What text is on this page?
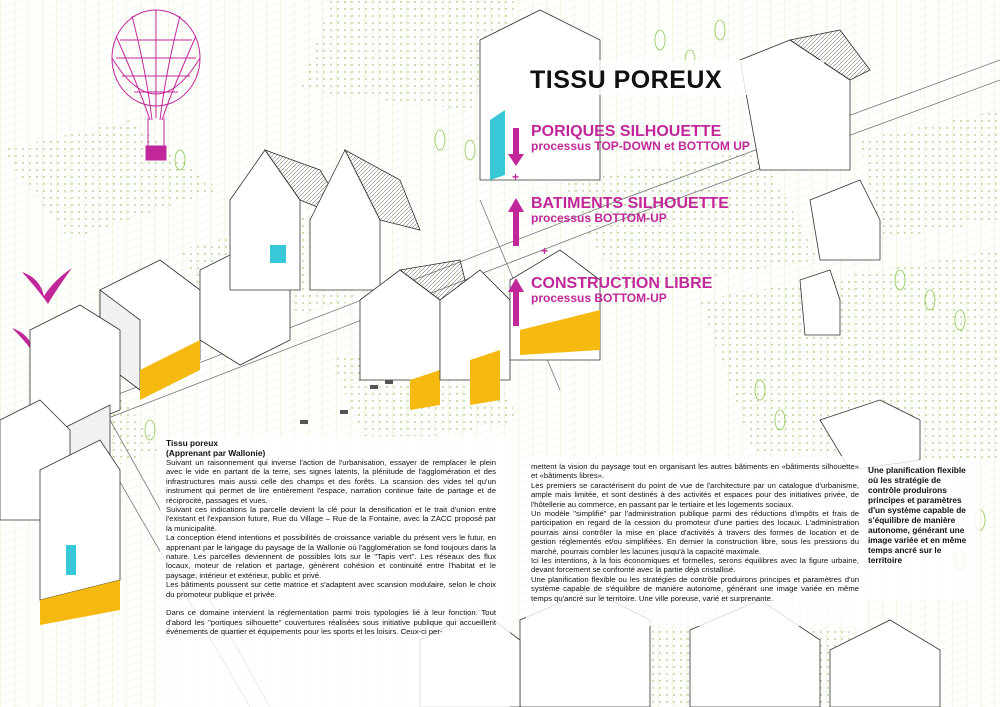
TISSU POREUX
PORIQUES SILHOUETTE
processus TOP-DOWN et BOTTOM UP
+
BATIMENTS SILHOUETTE
processus BOTTOM-UP
+
CONSTRUCTION LIBRE
processus BOTTOM-UP
Tissu poreux
(Apprenant par Wallonie)

Suivant un raisonnement qui inverse l'action de l'urbanisation, essayer de remplacer le plein avec le vide en partant de la terre, ses signes latents, la plénitude de l'agglomération et des infrastructures mais aussi celle des champs et des forêts. La scansion des vides tel qu'un instrument qui permet de lire entièrement l'espace, narration continue faite de partage et de réciprocité, passages et vues.

Suivant ces indications la parcelle devient la clé pour la densification et le trait d'union entre l'existant et l'expansion future, Rue du Village – Rue de la Fontaine, avec la ZACC proposé par la municipalité.

La conception étend intentions et possibilités de croissance variable du présent vers le futur, en apprenant par le langage du paysage de la Wallonie où l'agglomération se fond toujours dans la nature. Les parcelles deviennent de possibles lots sur le "Tapis vert". Les réseaux des flux locaux, moteur de relation et partage, génèrent cohésion et continuité entre l'habitat et le paysage, intérieur et extérieur, public et privé.

Les bâtiments poussent sur cette matrice et s'adaptent avec scansion modulaire, selon le choix du promoteur publique et privée.

Dans ce domaine intervient la réglementation parmi trois typologies lié à leur fonction. Tout d'abord les "portiques silhouette" couvertures réalisées sous initiative publique qui accueillent événements de quartier et équipements pour les sports et les loisirs. Ceux-ci per-

mettent la vision du paysage tout en organisant les autres bâtiments en «bâtiments silhouette» et «bâtiments libres».

Les premiers se caractérisent du point de vue de l'architecture par un catalogue d'urbanisme, ample mais limitée, et sont destinés à des activités et espaces pour des initiatives privée, de l'hôtellerie au commerce, en passant par le tertiaire et les logements sociaux.

Un modèle "simplifié" par l'administration publique parmi des réductions d'impôts et frais de participation en regard de la cession du promoteur d'une parties des locaux. L'administration pourrais ainsi contrôler la mise en place d'activités à travers des formes de location et de gestion réglementés et/ou simplifiées. En dernier la construction libre, sous les pressions du marché, pourrais combler les lacunes jusqu'à la capacité maximale.

Ici les intentions, à la fois économiques et formelles, serons équilibres avec la figure urbaine, devant forcement se confronté avec la partie déjà cristallisé.

Une planification flexible ou les stratégies de contrôle produirons principes et paramètres d'un système capable de s'équilibre de manière autonome, générant une image variée en même temps qu'ancré sur le territoire. Une ville poreuse, varié et surprenante.

Une planification flexible où les stratégie de contrôle produirons principes et paramètres d'un système capable de s'équilibre de manière autonome, générant une image variée et en même temps ancré sur le territoire
